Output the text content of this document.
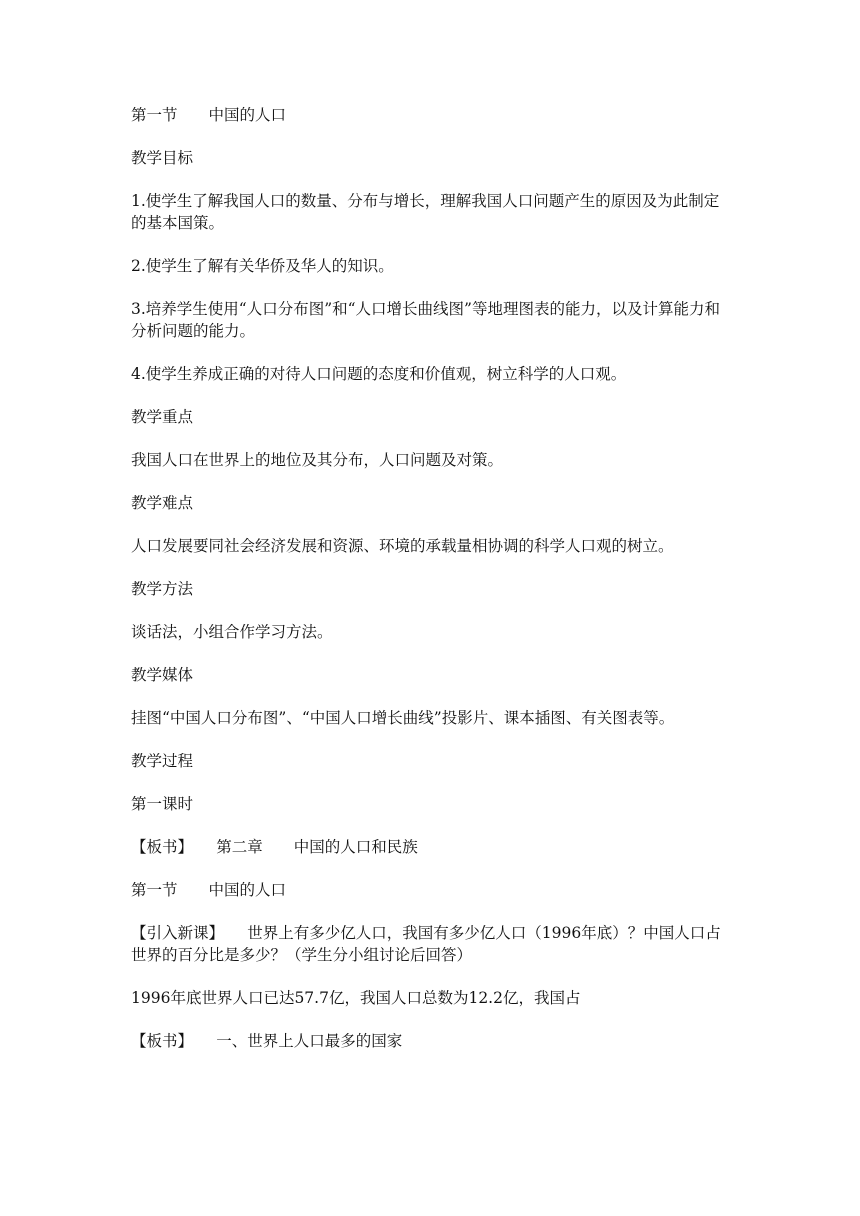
第一节　　中国的人口

教学目标

1.使学生了解我国人口的数量、分布与增长，理解我国人口问题产生的原因及为此制定的基本国策。

2.使学生了解有关华侨及华人的知识。

3.培养学生使用“人口分布图”和“人口增长曲线图”等地理图表的能力，以及计算能力和分析问题的能力。

4.使学生养成正确的对待人口问题的态度和价值观，树立科学的人口观。

教学重点

我国人口在世界上的地位及其分布，人口问题及对策。

教学难点

人口发展要同社会经济发展和资源、环境的承载量相协调的科学人口观的树立。

教学方法

谈话法，小组合作学习方法。

教学媒体

挂图“中国人口分布图”、“中国人口增长曲线”投影片、课本插图、有关图表等。

教学过程

第一课时

【板书】　　第二章　　中国的人口和民族

第一节　　中国的人口

【引入新课】　　世界上有多少亿人口，我国有多少亿人口（1996年底）？中国人口占世界的百分比是多少？（学生分小组讨论后回答）

1996年底世界人口已达57.7亿，我国人口总数为12.2亿，我国占

【板书】　　一、世界上人口最多的国家
